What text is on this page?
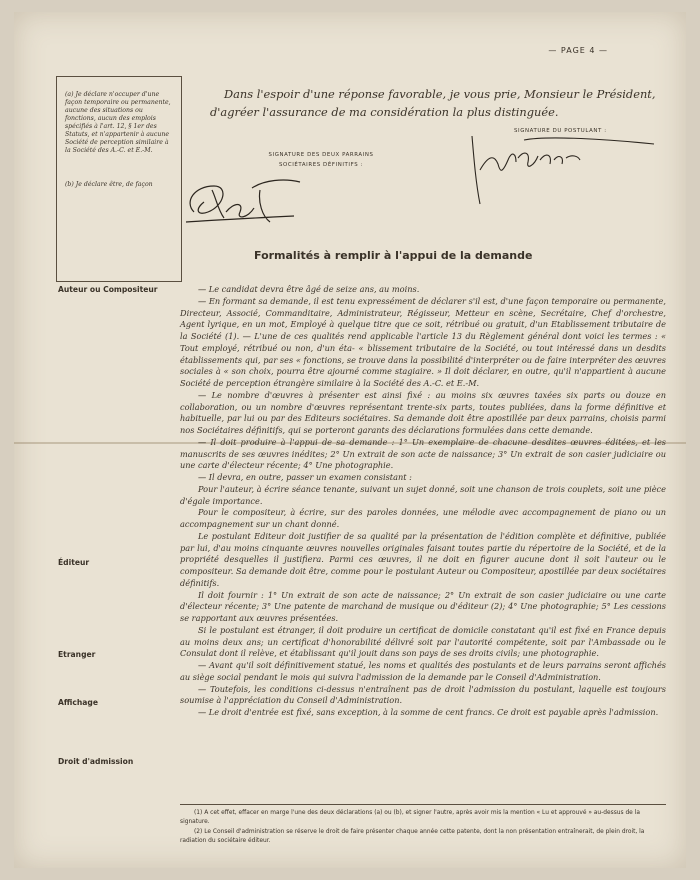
— PAGE 4 —

(a) Je déclare n'occuper d'une façon temporaire ou permanente, aucune des situations ou fonctions, aucun des emplois spécifiés à l'art. 12, § 1er des Statuts, et n'appartenir à aucune Société de perception similaire à la Société des A.-C. et E.-M.

(b) Je déclare être, de façon

Dans l'espoir d'une réponse favorable, je vous prie, Monsieur le Président, d'agréer l'assurance de ma considération la plus distinguée.
SIGNATURE DES DEUX PARRAINS
SOCIÉTAIRES DÉFINITIFS :
SIGNATURE DU POSTULANT :
Formalités à remplir à l'appui de la demande
Auteur ou Compositeur
Éditeur
Etranger
Affichage
Droit d'admission

— Le candidat devra être âgé de seize ans, au moins.

— En formant sa demande, il est tenu expressément de déclarer s'il est, d'une façon temporaire ou permanente, Directeur, Associé, Commanditaire, Administrateur, Régisseur, Metteur en scène, Secrétaire, Chef d'orchestre, Agent lyrique, en un mot, Employé à quelque titre que ce soit, rétribué ou gratuit, d'un Etablissement tributaire de la Société (1). — L'une de ces qualités rend applicable l'article 13 du Règlement général dont voici les termes : « Tout employé, rétribué ou non, d'un éta- « blissement tributaire de la Société, ou tout intéressé dans un desdits établissements qui, par ses « fonctions, se trouve dans la possibilité d'interpréter ou de faire interpréter des œuvres sociales à « son choix, pourra être ajourné comme stagiaire. » Il doit déclarer, en outre, qu'il n'appartient à aucune Société de perception étrangère similaire à la Société des A.-C. et E.-M.

— Le nombre d'œuvres à présenter est ainsi fixé : au moins six œuvres taxées six parts ou douze en collaboration, ou un nombre d'œuvres représentant trente-six parts, toutes publiées, dans la forme définitive et habituelle, par lui ou par des Editeurs sociétaires. Sa demande doit être apostillée par deux parrains, choisis parmi nos Sociétaires définitifs, qui se porteront garants des déclarations formulées dans cette demande.

— Il doit produire à l'appui de sa demande : 1° Un exemplaire de chacune desdites œuvres éditées, et les manuscrits de ses œuvres inédites; 2° Un extrait de son acte de naissance; 3° Un extrait de son casier judiciaire ou une carte d'électeur récente; 4° Une photographie.

— Il devra, en outre, passer un examen consistant :

Pour l'auteur, à écrire séance tenante, suivant un sujet donné, soit une chanson de trois couplets, soit une pièce d'égale importance.

Pour le compositeur, à écrire, sur des paroles données, une mélodie avec accompagnement de piano ou un accompagnement sur un chant donné.

Le postulant Editeur doit justifier de sa qualité par la présentation de l'édition complète et définitive, publiée par lui, d'au moins cinquante œuvres nouvelles originales faisant toutes partie du répertoire de la Société, et de la propriété desquelles il justifiera. Parmi ces œuvres, il ne doit en figurer aucune dont il soit l'auteur ou le compositeur. Sa demande doit être, comme pour le postulant Auteur ou Compositeur, apostillée par deux sociétaires définitifs.

Il doit fournir : 1° Un extrait de son acte de naissance; 2° Un extrait de son casier judiciaire ou une carte d'électeur récente; 3° Une patente de marchand de musique ou d'éditeur (2); 4° Une photographie; 5° Les cessions se rapportant aux œuvres présentées.

Si le postulant est étranger, il doit produire un certificat de domicile constatant qu'il est fixé en France depuis au moins deux ans; un certificat d'honorabilité délivré soit par l'autorité compétente, soit par l'Ambassade ou le Consulat dont il relève, et établissant qu'il jouit dans son pays de ses droits civils; une photographie.

— Avant qu'il soit définitivement statué, les noms et qualités des postulants et de leurs parrains seront affichés au siège social pendant le mois qui suivra l'admission de la demande par le Conseil d'Administration.

— Toutefois, les conditions ci-dessus n'entraînent pas de droit l'admission du postulant, laquelle est toujours soumise à l'appréciation du Conseil d'Administration.

— Le droit d'entrée est fixé, sans exception, à la somme de cent francs. Ce droit est payable après l'admission.

(1) A cet effet, effacer en marge l'une des deux déclarations (a) ou (b), et signer l'autre, après avoir mis la mention « Lu et approuvé » au-dessus de la signature.

(2) Le Conseil d'administration se réserve le droit de faire présenter chaque année cette patente, dont la non présentation entraînerait, de plein droit, la radiation du sociétaire éditeur.
